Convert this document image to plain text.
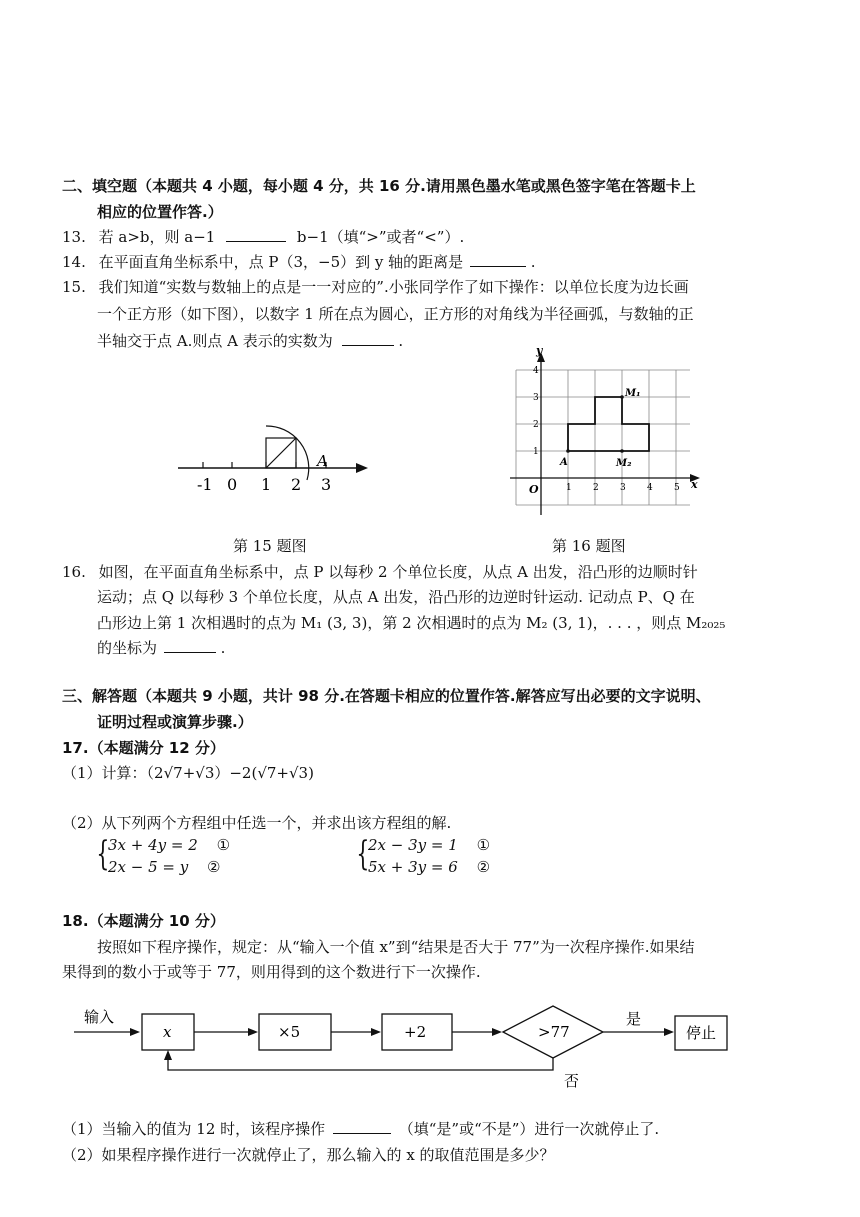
二、填空题（本题共 4 小题，每小题 4 分，共 16 分.请用黑色墨水笔或黑色签字笔在答题卡上
相应的位置作答.）
13. 若 a>b，则 a−1	b−1（填“>”或者“<”）.
14. 在平面直角坐标系中，点 P（3，−5）到 y 轴的距离是	.
15. 我们知道“实数与数轴上的点是一一对应的”.小张同学作了如下操作：以单位长度为边长画
一个正方形（如下图），以数字 1 所在点为圆心，正方形的对角线为半径画弧，与数轴的正
半轴交于点 A.则点 A 表示的实数为	.
A
-1 0 1 2 3
第 15 题图
O
y
x
1 2 3 4 5
1
2
3
4
A
M₁
M₂
第 16 题图
16. 如图，在平面直角坐标系中，点 P 以每秒 2 个单位长度，从点 A 出发，沿凸形的边顺时针
运动；点 Q 以每秒 3 个单位长度，从点 A 出发，沿凸形的边逆时针运动. 记动点 P、Q 在
凸形边上第 1 次相遇时的点为 M₁ (3, 3)，第 2 次相遇时的点为 M₂ (3, 1)，. . . ，则点 M₂₀₂₅
的坐标为	.
三、解答题（本题共 9 小题，共计 98 分.在答题卡相应的位置作答.解答应写出必要的文字说明、
证明过程或演算步骤.）
17.（本题满分 12 分）
（1）计算：（2√7+√3）−2(√7+√3)
（2）从下列两个方程组中任选一个，并求出该方程组的解.
{
3x + 4y = 2 ①
2x − 5 = y ②	{
2x − 3y = 1 ①
5x + 3y = 6 ②
18.（本题满分 10 分）
按照如下程序操作，规定：从“输入一个值 x”到“结果是否大于 77”为一次程序操作.如果结
果得到的数小于或等于 77，则用得到的这个数进行下一次操作.
输入
x	×5	+2	>77
是
停止
否
（1）当输入的值为 12 时，该程序操作	（填“是”或“不是”）进行一次就停止了.
（2）如果程序操作进行一次就停止了，那么输入的 x 的取值范围是多少？
